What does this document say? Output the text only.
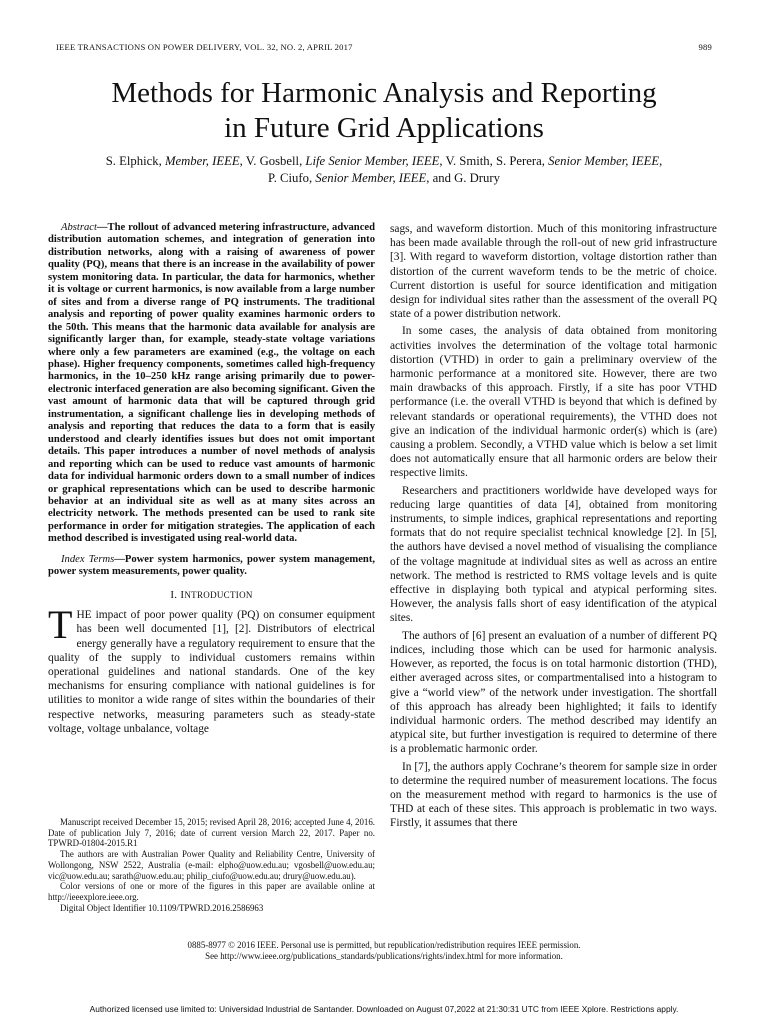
IEEE TRANSACTIONS ON POWER DELIVERY, VOL. 32, NO. 2, APRIL 2017	989
Methods for Harmonic Analysis and Reporting
in Future Grid Applications
S. Elphick, Member, IEEE, V. Gosbell, Life Senior Member, IEEE, V. Smith, S. Perera, Senior Member, IEEE,
P. Ciufo, Senior Member, IEEE, and G. Drury

Abstract—The rollout of advanced metering infrastructure, advanced distribution automation schemes, and integration of generation into distribution networks, along with a raising of awareness of power quality (PQ), means that there is an increase in the availability of power system monitoring data. In particular, the data for harmonics, whether it is voltage or current harmonics, is now available from a large number of sites and from a diverse range of PQ instruments. The traditional analysis and reporting of power quality examines harmonic orders to the 50th. This means that the harmonic data available for analysis are significantly larger than, for example, steady-state voltage variations where only a few parameters are examined (e.g., the voltage on each phase). Higher frequency components, sometimes called high-frequency harmonics, in the 10–250 kHz range arising primarily due to power-electronic interfaced generation are also becoming significant. Given the vast amount of harmonic data that will be captured through grid instrumentation, a significant challenge lies in developing methods of analysis and reporting that reduces the data to a form that is easily understood and clearly identifies issues but does not omit important details. This paper introduces a number of novel methods of analysis and reporting which can be used to reduce vast amounts of harmonic data for individual harmonic orders down to a small number of indices or graphical representations which can be used to describe harmonic behavior at an individual site as well as at many sites across an electricity network. The methods presented can be used to rank site performance in order for mitigation strategies. The application of each method described is investigated using real-world data.

Index Terms—Power system harmonics, power system management, power system measurements, power quality.

I. INTRODUCTION

THE impact of poor power quality (PQ) on consumer equipment has been well documented [1], [2]. Distributors of electrical energy generally have a regulatory requirement to ensure that the quality of the supply to individual customers remains within operational guidelines and national standards. One of the key mechanisms for ensuring compliance with national guidelines is for utilities to monitor a wide range of sites within the boundaries of their respective networks, measuring parameters such as steady-state voltage, voltage unbalance, voltage

Manuscript received December 15, 2015; revised April 28, 2016; accepted June 4, 2016. Date of publication July 7, 2016; date of current version March 22, 2017. Paper no. TPWRD-01804-2015.R1

The authors are with Australian Power Quality and Reliability Centre, University of Wollongong, NSW 2522, Australia (e-mail: elpho@uow.edu.au; vgosbell@uow.edu.au; vic@uow.edu.au; sarath@uow.edu.au; philip_ciufo@uow.edu.au; drury@uow.edu.au).

Color versions of one or more of the figures in this paper are available online at http://ieeexplore.ieee.org.

Digital Object Identifier 10.1109/TPWRD.2016.2586963

sags, and waveform distortion. Much of this monitoring infrastructure has been made available through the roll-out of new grid infrastructure [3]. With regard to waveform distortion, voltage distortion rather than distortion of the current waveform tends to be the metric of choice. Current distortion is useful for source identification and mitigation design for individual sites rather than the assessment of the overall PQ state of a power distribution network.

In some cases, the analysis of data obtained from monitoring activities involves the determination of the voltage total harmonic distortion (VTHD) in order to gain a preliminary overview of the harmonic performance at a monitored site. However, there are two main drawbacks of this approach. Firstly, if a site has poor VTHD performance (i.e. the overall VTHD is beyond that which is defined by relevant standards or operational requirements), the VTHD does not give an indication of the individual harmonic order(s) which is (are) causing a problem. Secondly, a VTHD value which is below a set limit does not automatically ensure that all harmonic orders are below their respective limits.

Researchers and practitioners worldwide have developed ways for reducing large quantities of data [4], obtained from monitoring instruments, to simple indices, graphical representations and reporting formats that do not require specialist technical knowledge [2]. In [5], the authors have devised a novel method of visualising the compliance of the voltage magnitude at individual sites as well as across an entire network. The method is restricted to RMS voltage levels and is quite effective in displaying both typical and atypical performing sites. However, the analysis falls short of easy identification of the atypical sites.

The authors of [6] present an evaluation of a number of different PQ indices, including those which can be used for harmonic analysis. However, as reported, the focus is on total harmonic distortion (THD), either averaged across sites, or compartmentalised into a histogram to give a “world view” of the network under investigation. The shortfall of this approach has already been highlighted; it fails to identify individual harmonic orders. The method described may identify an atypical site, but further investigation is required to determine of there is a problematic harmonic order.

In [7], the authors apply Cochrane’s theorem for sample size in order to determine the required number of measurement locations. The focus on the measurement method with regard to harmonics is the use of THD at each of these sites. This approach is problematic in two ways. Firstly, it assumes that there

0885-8977 © 2016 IEEE. Personal use is permitted, but republication/redistribution requires IEEE permission.
See http://www.ieee.org/publications_standards/publications/rights/index.html for more information.
Authorized licensed use limited to: Universidad Industrial de Santander. Downloaded on August 07,2022 at 21:30:31 UTC from IEEE Xplore. Restrictions apply.
